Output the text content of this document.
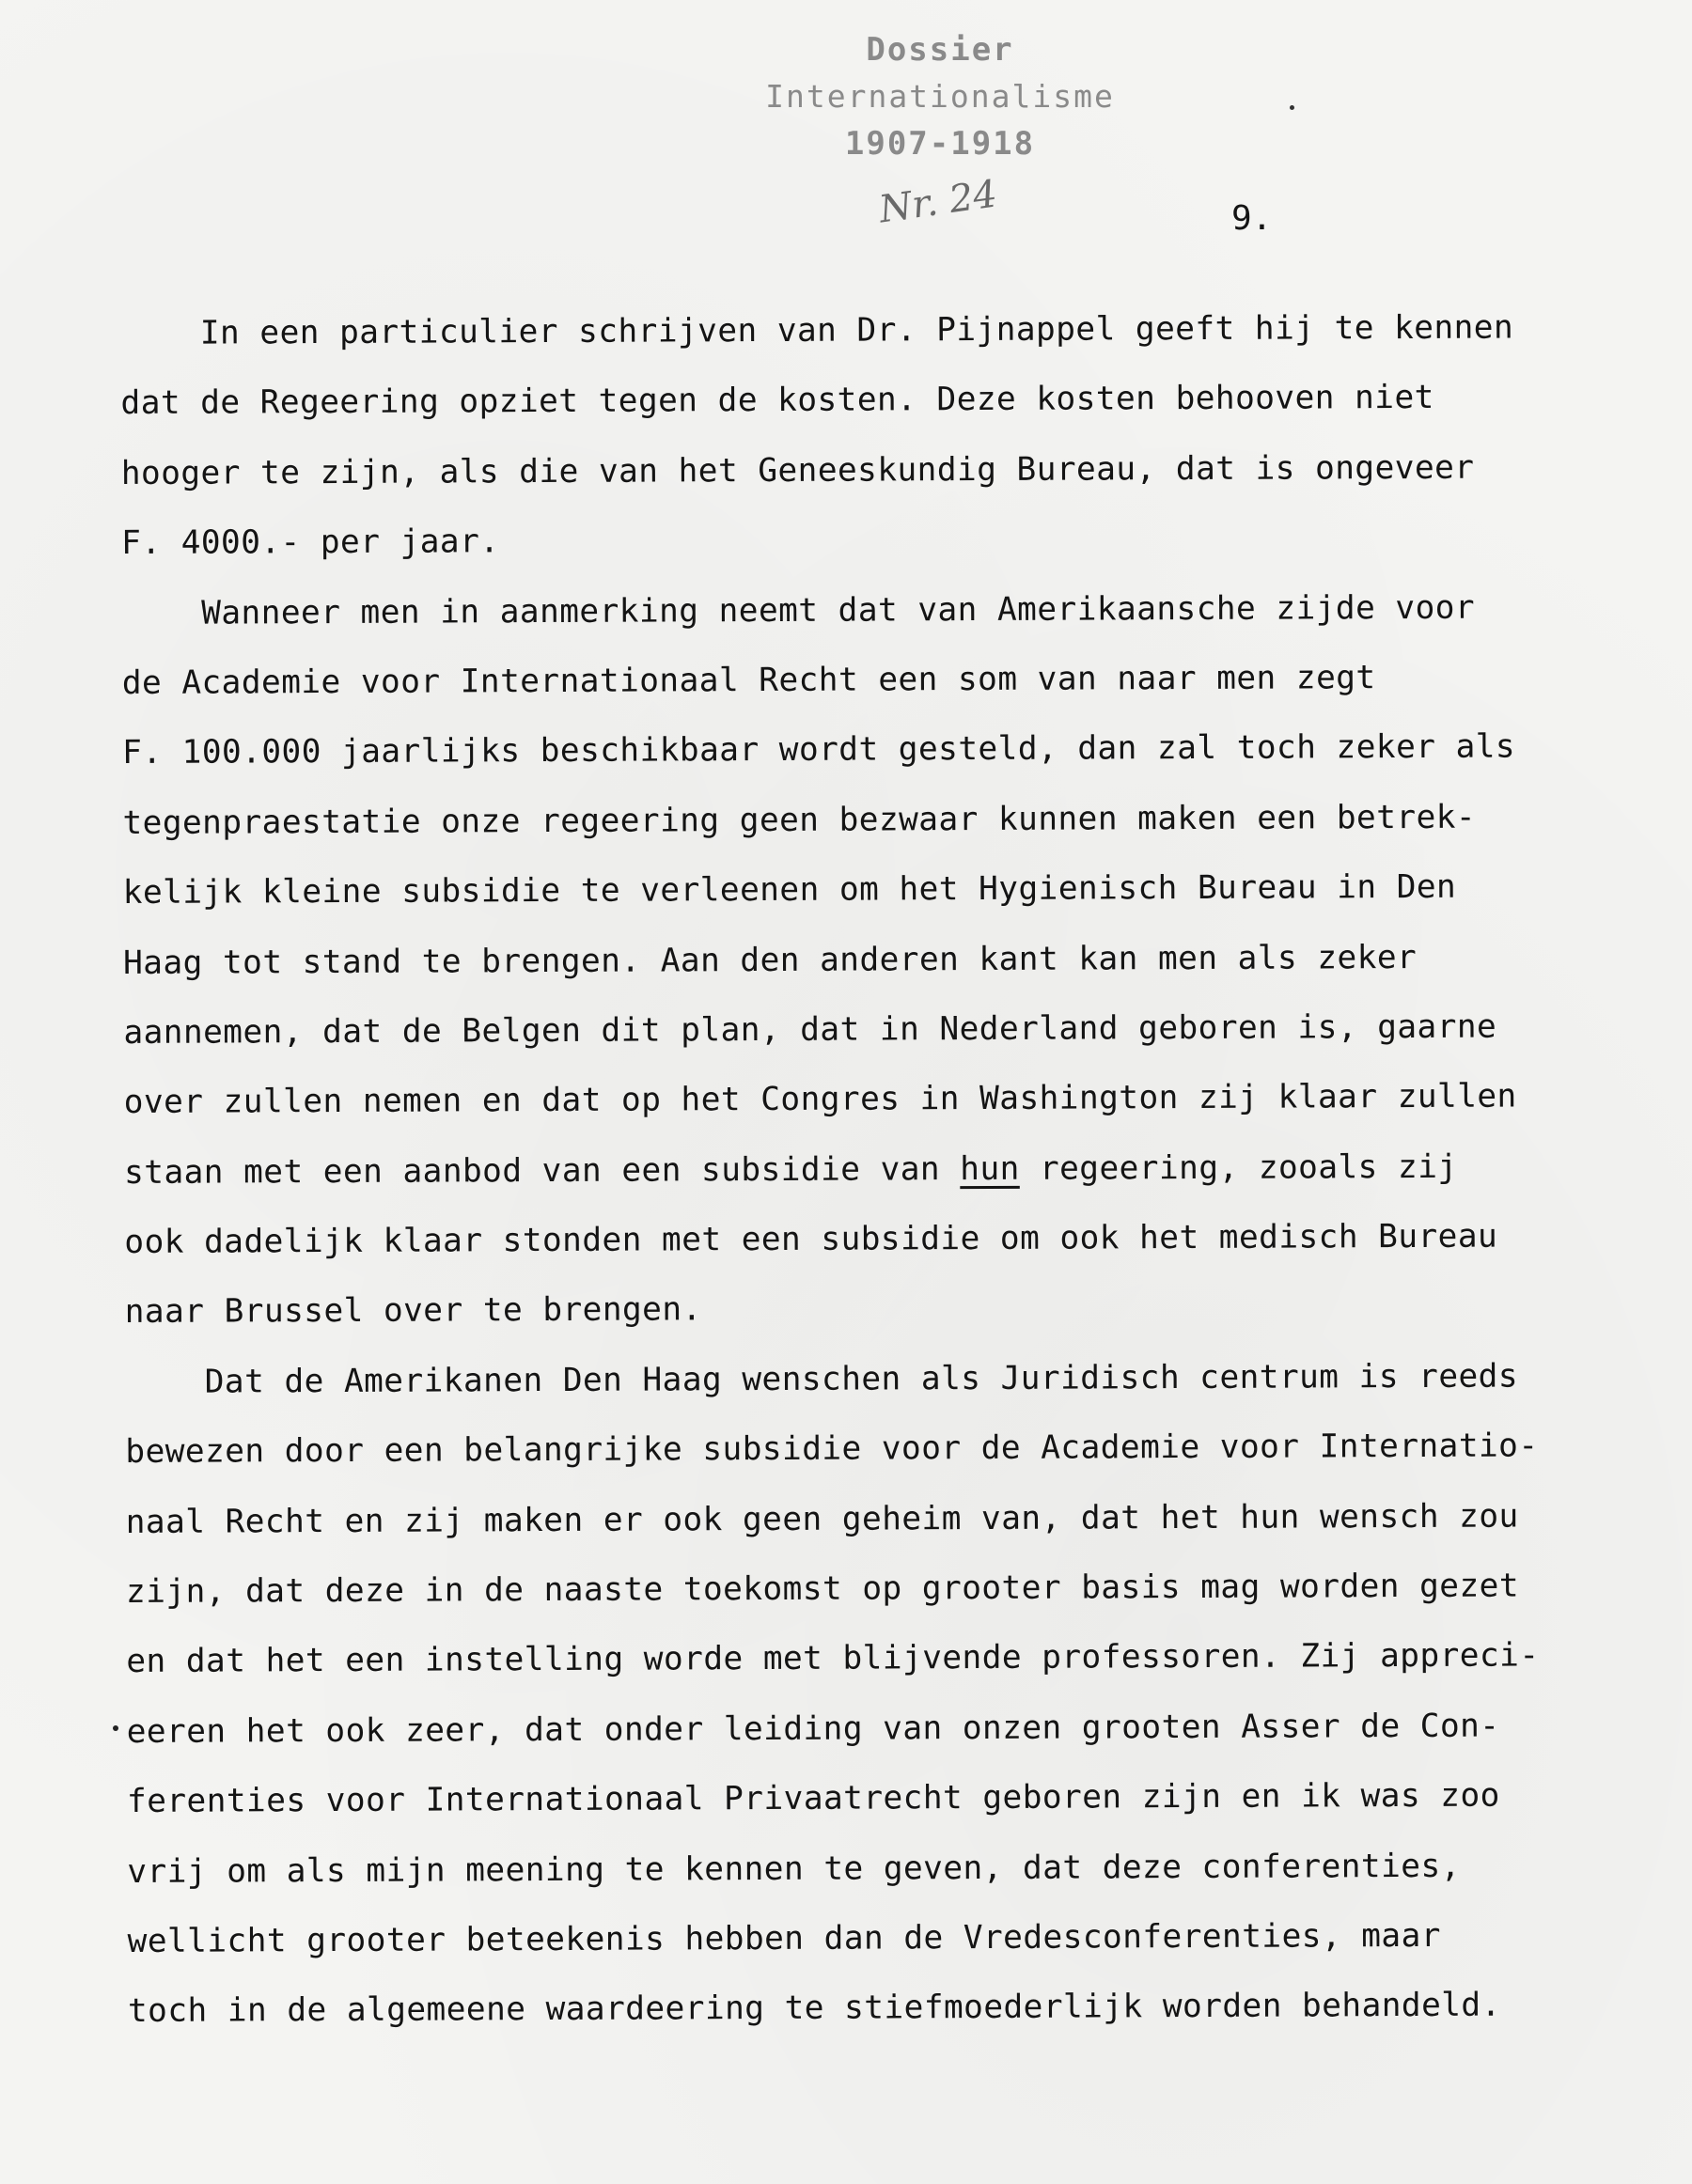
Dossier
Internationalisme
1907-1918
Nr. 24	9.
In een particulier schrijven van Dr. Pijnappel geeft hij te kennen
dat de Regeering opziet tegen de kosten. Deze kosten behooven niet
hooger te zijn, als die van het Geneeskundig Bureau, dat is ongeveer
F. 4000.- per jaar.
Wanneer men in aanmerking neemt dat van Amerikaansche zijde voor
de Academie voor Internationaal Recht een som van naar men zegt
F. 100.000 jaarlijks beschikbaar wordt gesteld, dan zal toch zeker als
tegenpraestatie onze regeering geen bezwaar kunnen maken een betrek-
kelijk kleine subsidie te verleenen om het Hygienisch Bureau in Den
Haag tot stand te brengen. Aan den anderen kant kan men als zeker
aannemen, dat de Belgen dit plan, dat in Nederland geboren is, gaarne
over zullen nemen en dat op het Congres in Washington zij klaar zullen
staan met een aanbod van een subsidie van hun regeering, zooals zij
ook dadelijk klaar stonden met een subsidie om ook het medisch Bureau
naar Brussel over te brengen.
Dat de Amerikanen Den Haag wenschen als Juridisch centrum is reeds
bewezen door een belangrijke subsidie voor de Academie voor Internatio-
naal Recht en zij maken er ook geen geheim van, dat het hun wensch zou
zijn, dat deze in de naaste toekomst op grooter basis mag worden gezet
en dat het een instelling worde met blijvende professoren. Zij appreci-
eeren het ook zeer, dat onder leiding van onzen grooten Asser de Con-
ferenties voor Internationaal Privaatrecht geboren zijn en ik was zoo
vrij om als mijn meening te kennen te geven, dat deze conferenties,
wellicht grooter beteekenis hebben dan de Vredesconferenties, maar
toch in de algemeene waardeering te stiefmoederlijk worden behandeld.
